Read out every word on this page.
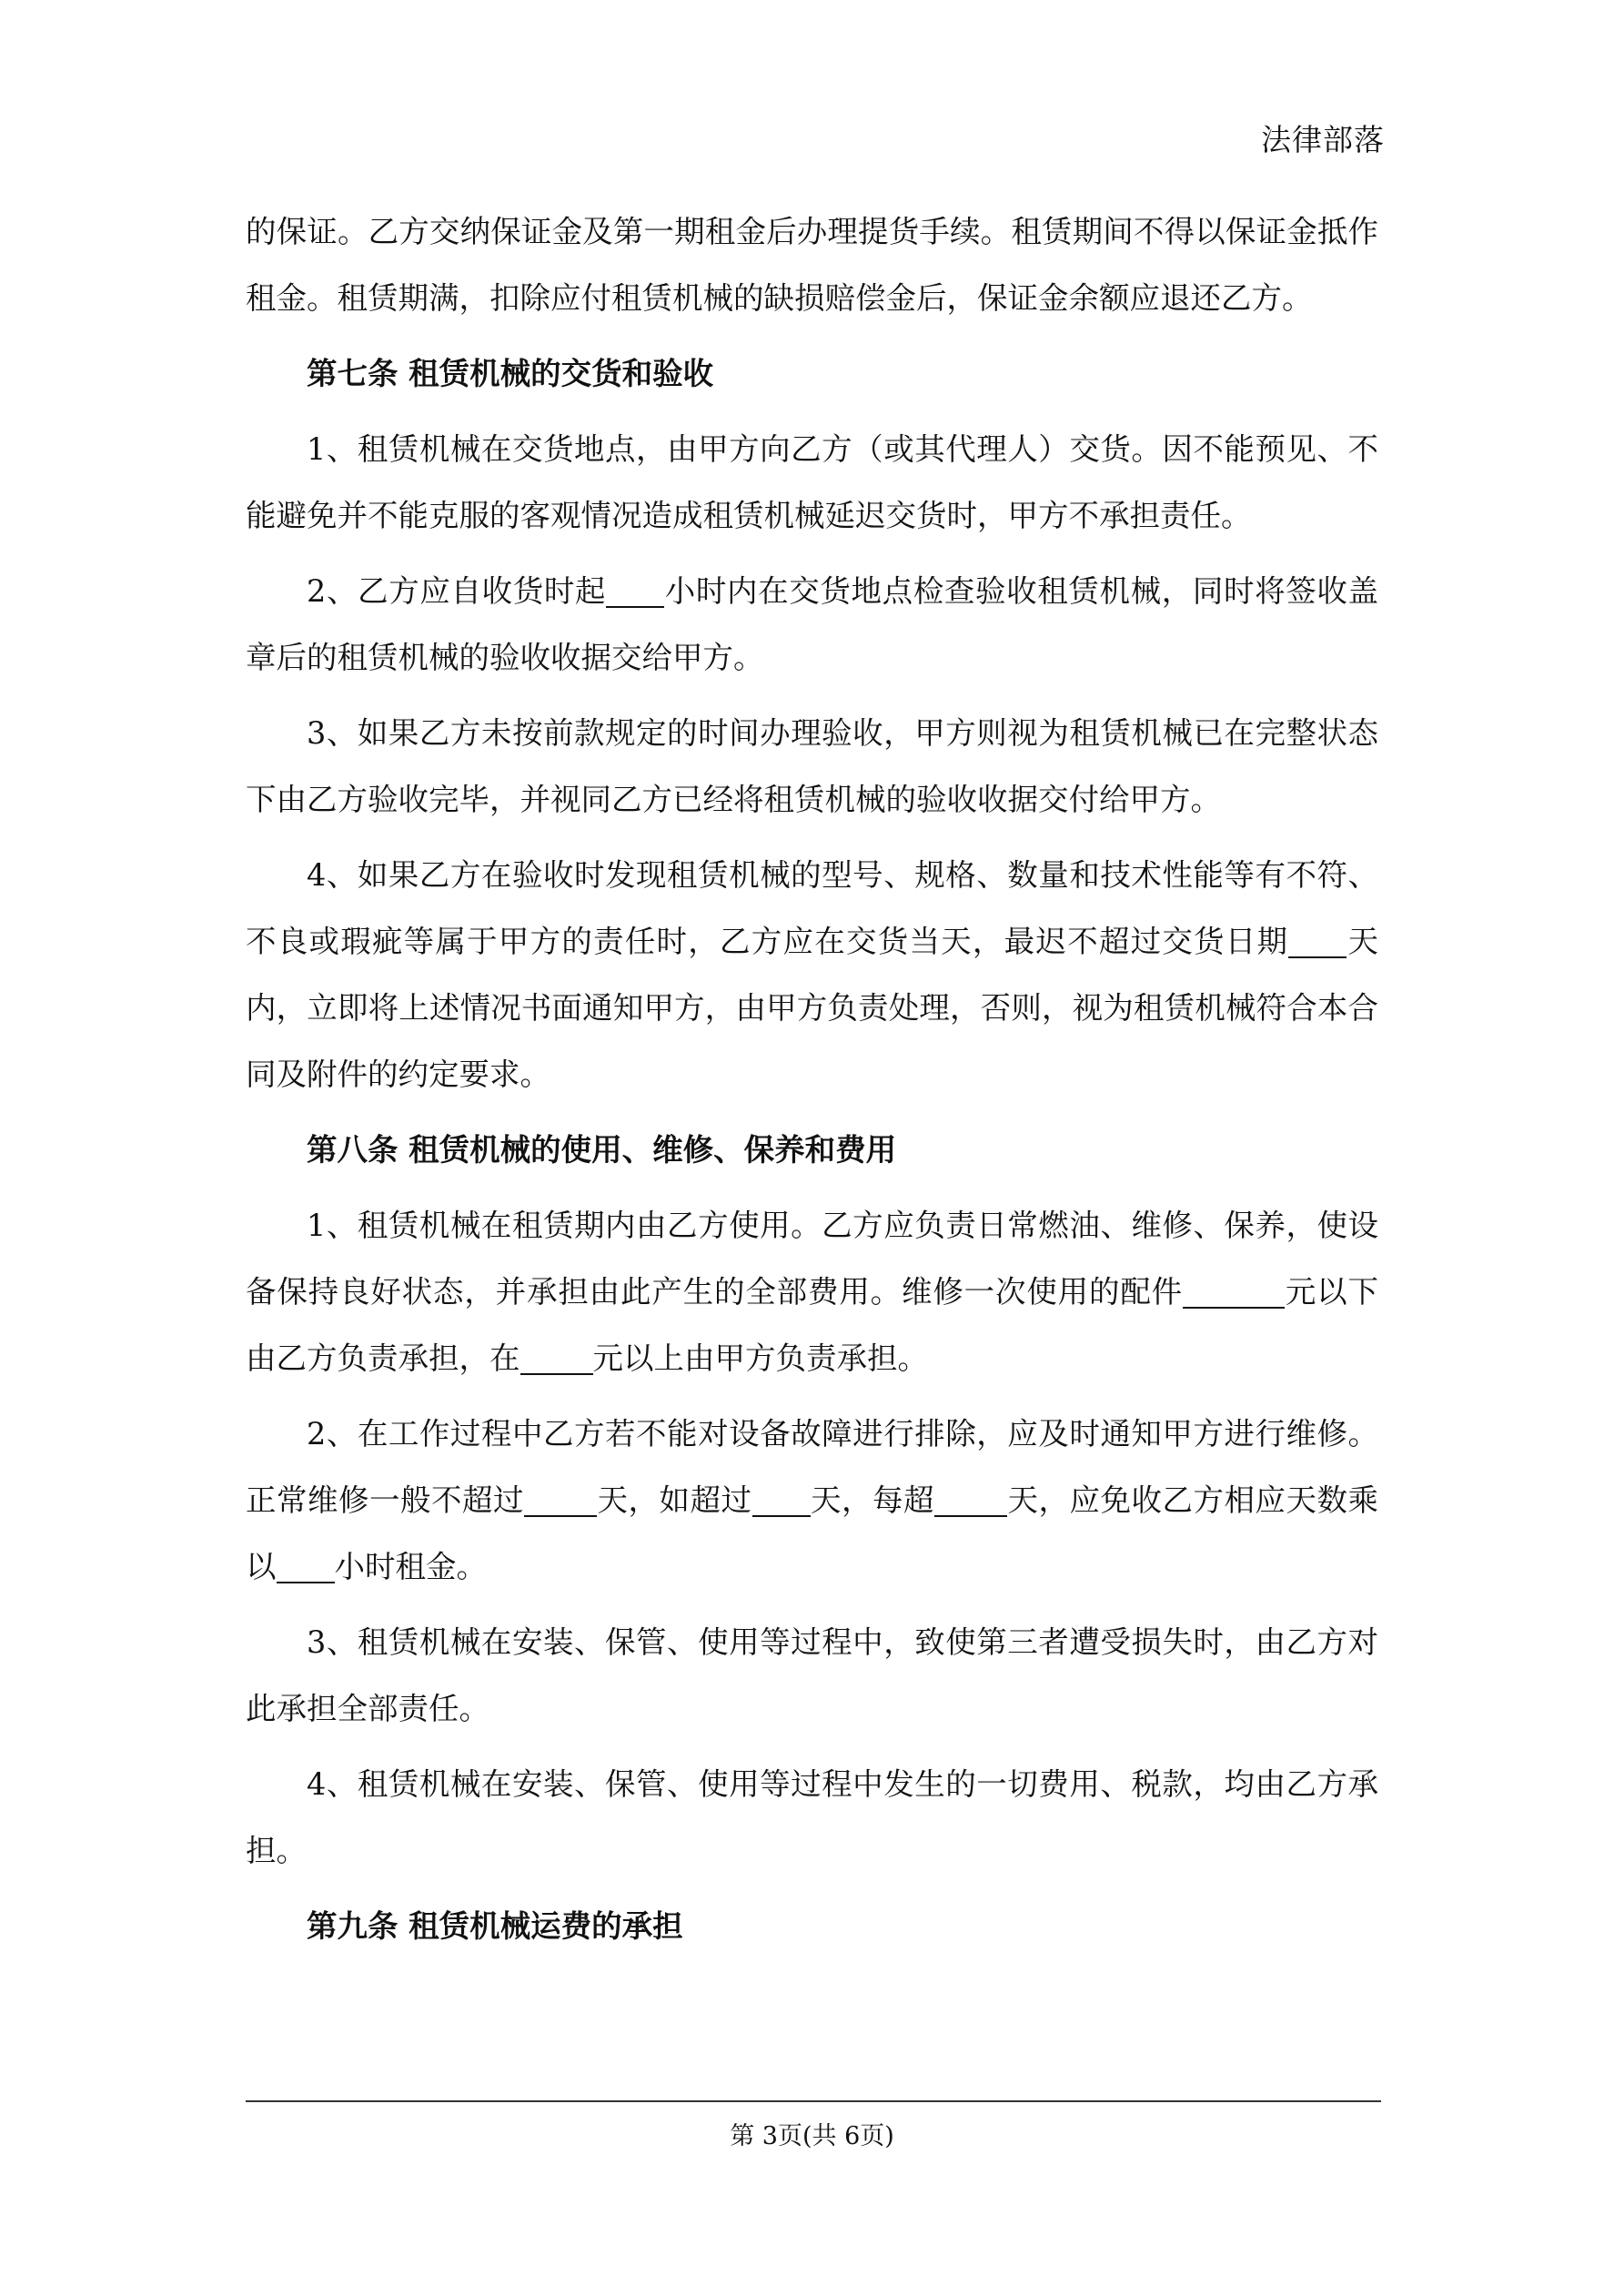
法律部落

的保证。乙方交纳保证金及第一期租金后办理提货手续。租赁期间不得以保证金抵作租金。租赁期满，扣除应付租赁机械的缺损赔偿金后，保证金余额应退还乙方。

第七条 租赁机械的交货和验收

1、租赁机械在交货地点，由甲方向乙方（或其代理人）交货。因不能预见、不能避免并不能克服的客观情况造成租赁机械延迟交货时，甲方不承担责任。

2、乙方应自收货时起 小时内在交货地点检查验收租赁机械，同时将签收盖章后的租赁机械的验收收据交给甲方。

3、如果乙方未按前款规定的时间办理验收，甲方则视为租赁机械已在完整状态下由乙方验收完毕，并视同乙方已经将租赁机械的验收收据交付给甲方。

4、如果乙方在验收时发现租赁机械的型号、规格、数量和技术性能等有不符、不良或瑕疵等属于甲方的责任时，乙方应在交货当天，最迟不超过交货日期 天内，立即将上述情况书面通知甲方，由甲方负责处理，否则，视为租赁机械符合本合同及附件的约定要求。

第八条 租赁机械的使用、维修、保养和费用

1、租赁机械在租赁期内由乙方使用。乙方应负责日常燃油、维修、保养，使设备保持良好状态，并承担由此产生的全部费用。维修一次使用的配件	元以下由乙方负责承担，在 元以上由甲方负责承担。

2、在工作过程中乙方若不能对设备故障进行排除，应及时通知甲方进行维修。正常维修一般不超过 天，如超过 天，每超 天，应免收乙方相应天数乘以 小时租金。

3、租赁机械在安装、保管、使用等过程中，致使第三者遭受损失时，由乙方对此承担全部责任。

4、租赁机械在安装、保管、使用等过程中发生的一切费用、税款，均由乙方承担。

第九条 租赁机械运费的承担

第 3页(共 6页)
